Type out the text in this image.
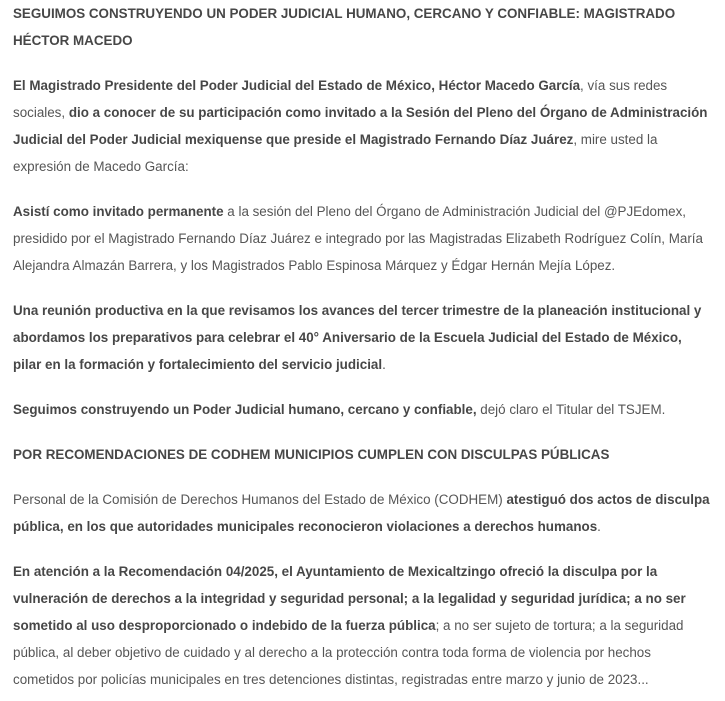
SEGUIMOS CONSTRUYENDO UN PODER JUDICIAL HUMANO, CERCANO Y CONFIABLE: MAGISTRADO HÉCTOR MACEDO

El Magistrado Presidente del Poder Judicial del Estado de México, Héctor Macedo García, vía sus redes sociales, dio a conocer de su participación como invitado a la Sesión del Pleno del Órgano de Administración Judicial del Poder Judicial mexiquense que preside el Magistrado Fernando Díaz Juárez, mire usted la expresión de Macedo García:

Asistí como invitado permanente a la sesión del Pleno del Órgano de Administración Judicial del @PJEdomex, presidido por el Magistrado Fernando Díaz Juárez e integrado por las Magistradas Elizabeth Rodríguez Colín, María Alejandra Almazán Barrera, y los Magistrados Pablo Espinosa Márquez y Édgar Hernán Mejía López.

Una reunión productiva en la que revisamos los avances del tercer trimestre de la planeación institucional y abordamos los preparativos para celebrar el 40° Aniversario de la Escuela Judicial del Estado de México, pilar en la formación y fortalecimiento del servicio judicial.

Seguimos construyendo un Poder Judicial humano, cercano y confiable, dejó claro el Titular del TSJEM.

POR RECOMENDACIONES DE CODHEM MUNICIPIOS CUMPLEN CON DISCULPAS PÚBLICAS

Personal de la Comisión de Derechos Humanos del Estado de México (CODHEM) atestiguó dos actos de disculpa pública, en los que autoridades municipales reconocieron violaciones a derechos humanos.

En atención a la Recomendación 04/2025, el Ayuntamiento de Mexicaltzingo ofreció la disculpa por la vulneración de derechos a la integridad y seguridad personal; a la legalidad y seguridad jurídica; a no ser sometido al uso desproporcionado o indebido de la fuerza pública; a no ser sujeto de tortura; a la seguridad pública, al deber objetivo de cuidado y al derecho a la protección contra toda forma de violencia por hechos cometidos por policías municipales en tres detenciones distintas, registradas entre marzo y junio de 2023...
